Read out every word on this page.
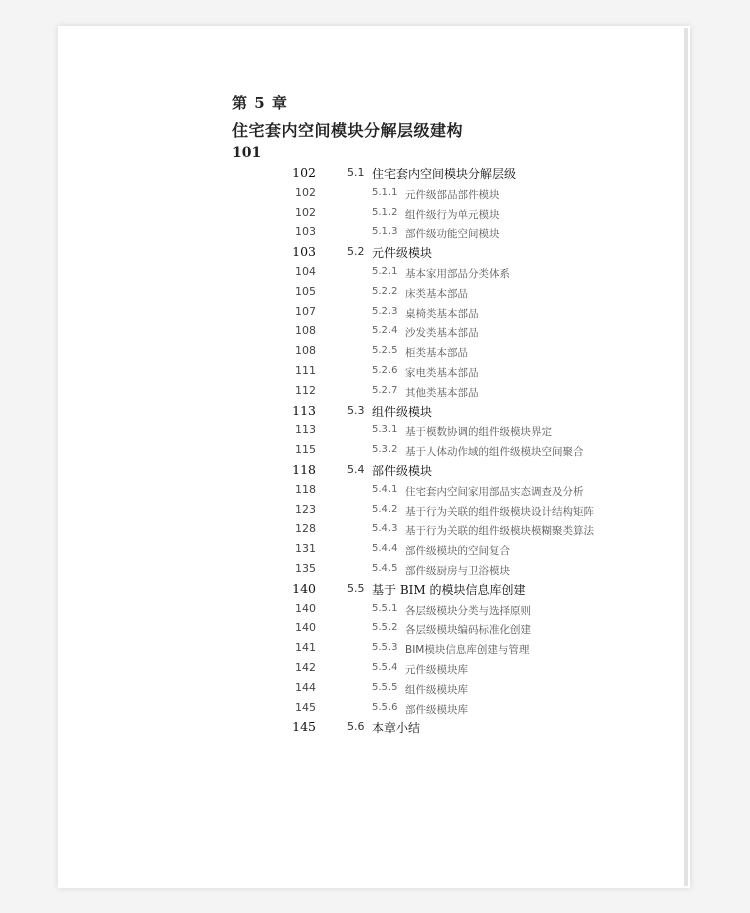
第 5 章
住宅套内空间模块分解层级建构
101
102	5.1 住宅套内空间模块分解层级
102	5.1.1 元件级部品部件模块
102	5.1.2 组件级行为单元模块
103	5.1.3 部件级功能空间模块
103	5.2 元件级模块
104	5.2.1 基本家用部品分类体系
105	5.2.2 床类基本部品
107	5.2.3 桌椅类基本部品
108	5.2.4 沙发类基本部品
108	5.2.5 柜类基本部品
111	5.2.6 家电类基本部品
112	5.2.7 其他类基本部品
113	5.3 组件级模块
113	5.3.1 基于模数协调的组件级模块界定
115	5.3.2 基于人体动作域的组件级模块空间聚合
118	5.4 部件级模块
118	5.4.1 住宅套内空间家用部品实态调查及分析
123	5.4.2 基于行为关联的组件级模块设计结构矩阵
128	5.4.3 基于行为关联的组件级模块模糊聚类算法
131	5.4.4 部件级模块的空间复合
135	5.4.5 部件级厨房与卫浴模块
140	5.5 基于 BIM 的模块信息库创建
140	5.5.1 各层级模块分类与选择原则
140	5.5.2 各层级模块编码标准化创建
141	5.5.3 BIM模块信息库创建与管理
142	5.5.4 元件级模块库
144	5.5.5 组件级模块库
145	5.5.6 部件级模块库
145	5.6 本章小结
